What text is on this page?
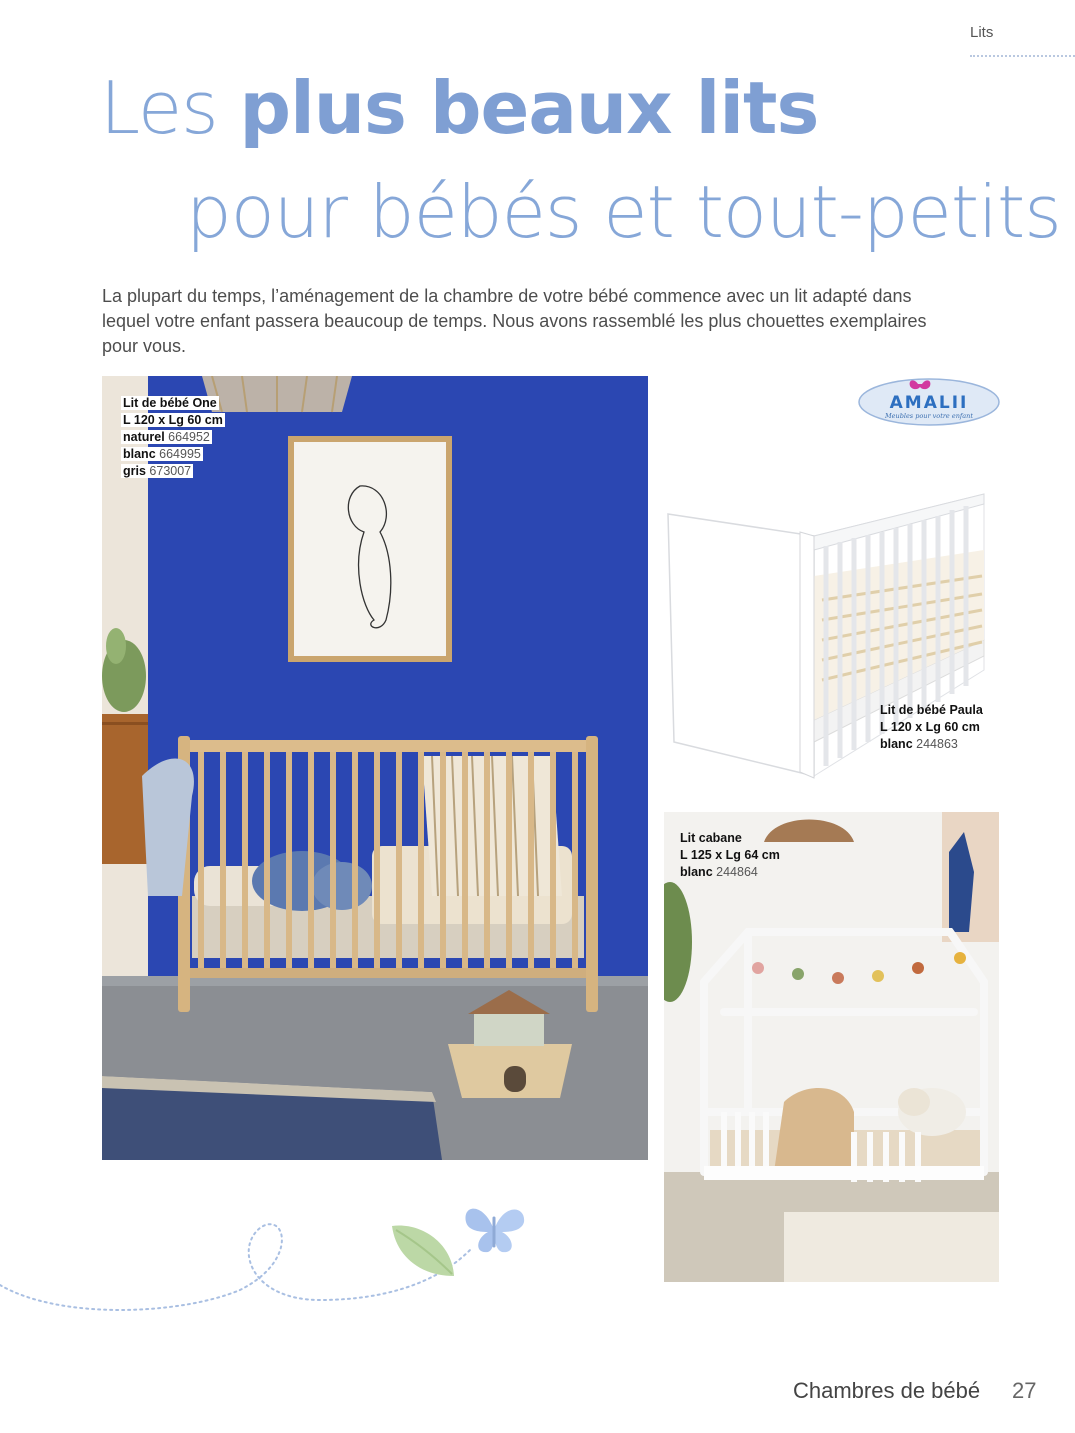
Lits
Les plus beaux lits
pour bébés et tout-petits

La plupart du temps, l’aménagement de la chambre de votre bébé commence avec un lit adapté dans lequel votre enfant passera beaucoup de temps. Nous avons rassemblé les plus chouettes exemplaires pour vous.

Lit de bébé One
L 120 x Lg 60 cm
naturel 664952
blanc 664995
gris 673007
AMALII
Meubles pour votre enfant
Lit de bébé Paula
L 120 x Lg 60 cm
blanc 244863
Lit cabane
L 125 x Lg 64 cm
blanc 244864
Chambres de bébé 27
